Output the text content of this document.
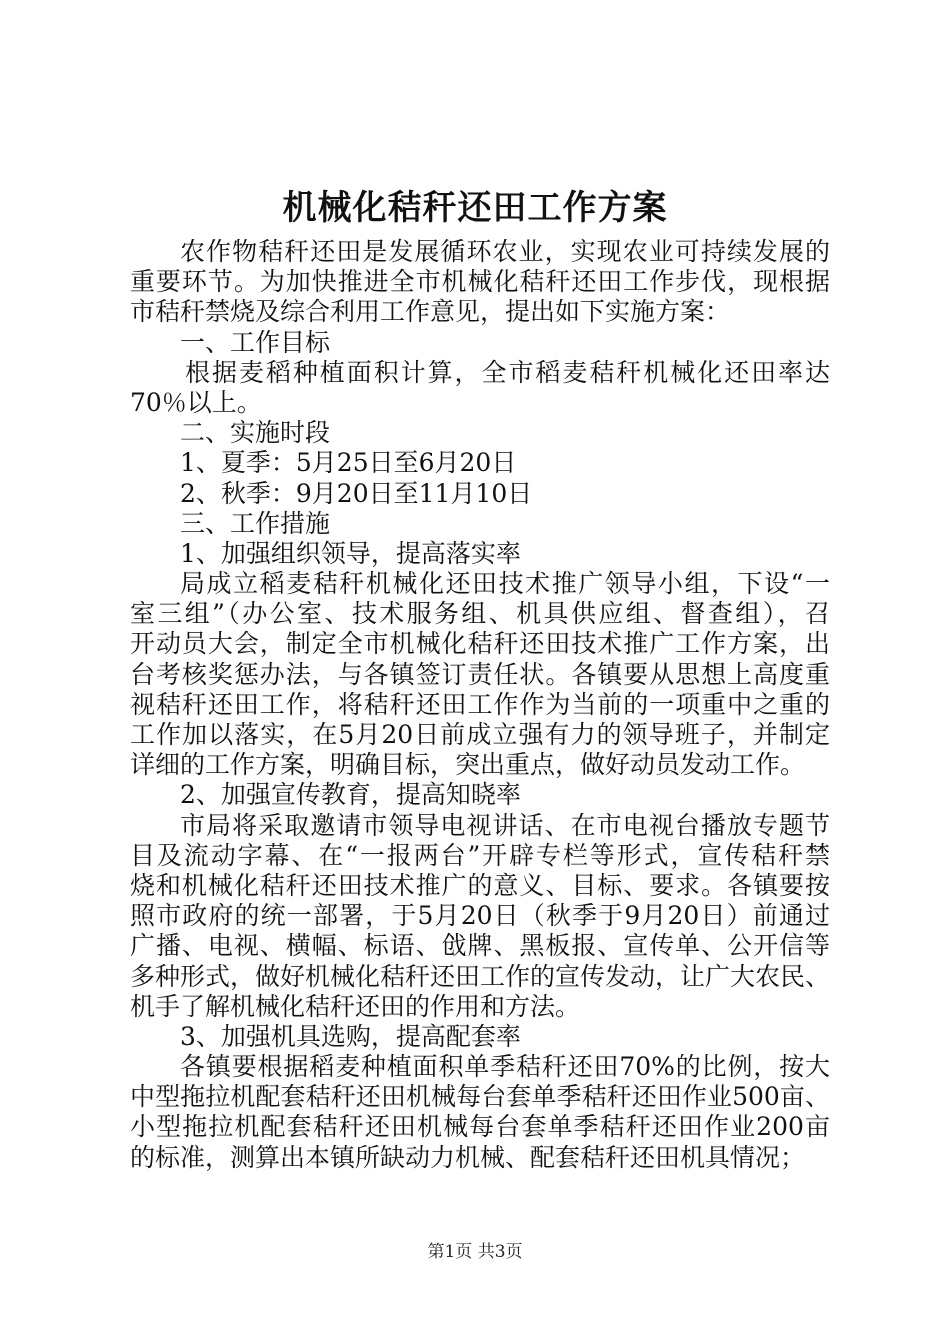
机械化秸秆还田工作方案
农作物秸秆还田是发展循环农业，实现农业可持续发展的
重要环节。为加快推进全市机械化秸秆还田工作步伐，现根据
市秸秆禁烧及综合利用工作意见，提出如下实施方案：
一、工作目标
根据麦稻种植面积计算，全市稻麦秸秆机械化还田率达
70％以上。
二、实施时段
1、夏季：5月25日至6月20日
2、秋季：9月20日至11月10日
三、工作措施
1、加强组织领导，提高落实率
局成立稻麦秸秆机械化还田技术推广领导小组，下设“一
室三组”（办公室、技术服务组、机具供应组、督查组），召
开动员大会，制定全市机械化秸秆还田技术推广工作方案，出
台考核奖惩办法，与各镇签订责任状。各镇要从思想上高度重
视秸秆还田工作，将秸秆还田工作作为当前的一项重中之重的
工作加以落实，在5月20日前成立强有力的领导班子，并制定
详细的工作方案，明确目标，突出重点，做好动员发动工作。
2、加强宣传教育，提高知晓率
市局将采取邀请市领导电视讲话、在市电视台播放专题节
目及流动字幕、在“一报两台”开辟专栏等形式，宣传秸秆禁
烧和机械化秸秆还田技术推广的意义、目标、要求。各镇要按
照市政府的统一部署，于5月20日（秋季于9月20日）前通过
广播、电视、横幅、标语、戗牌、黑板报、宣传单、公开信等
多种形式，做好机械化秸秆还田工作的宣传发动，让广大农民、
机手了解机械化秸秆还田的作用和方法。
3、加强机具选购，提高配套率
各镇要根据稻麦种植面积单季秸秆还田70%的比例，按大
中型拖拉机配套秸秆还田机械每台套单季秸秆还田作业500亩、
小型拖拉机配套秸秆还田机械每台套单季秸秆还田作业200亩
的标准，测算出本镇所缺动力机械、配套秸秆还田机具情况；
第1页 共3页
